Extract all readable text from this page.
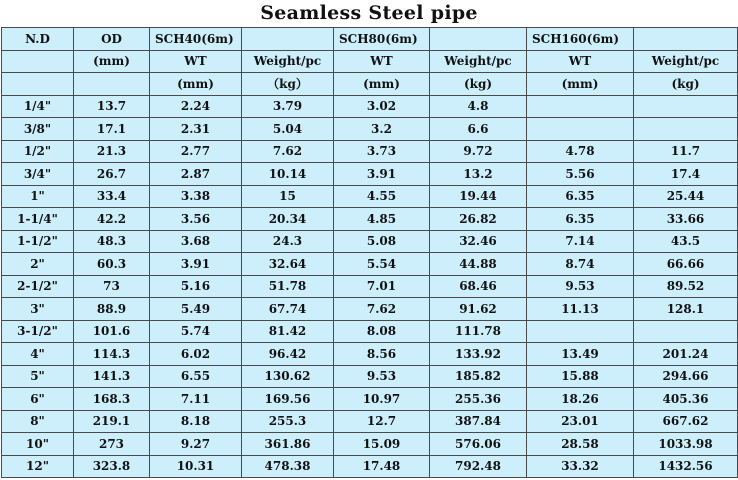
Seamless Steel pipe
N.D	OD	SCH40(6m)		SCH80(6m)		SCH160(6m)	
	(mm)	WT	Weight/pc	WT	Weight/pc	WT	Weight/pc
		(mm)	（kg）	(mm)	(kg)	(mm)	(kg)
1/4"	13.7	2.24	3.79	3.02	4.8		
3/8"	17.1	2.31	5.04	3.2	6.6		
1/2"	21.3	2.77	7.62	3.73	9.72	4.78	11.7
3/4"	26.7	2.87	10.14	3.91	13.2	5.56	17.4
1"	33.4	3.38	15	4.55	19.44	6.35	25.44
1-1/4"	42.2	3.56	20.34	4.85	26.82	6.35	33.66
1-1/2"	48.3	3.68	24.3	5.08	32.46	7.14	43.5
2"	60.3	3.91	32.64	5.54	44.88	8.74	66.66
2-1/2"	73	5.16	51.78	7.01	68.46	9.53	89.52
3"	88.9	5.49	67.74	7.62	91.62	11.13	128.1
3-1/2"	101.6	5.74	81.42	8.08	111.78		
4"	114.3	6.02	96.42	8.56	133.92	13.49	201.24
5"	141.3	6.55	130.62	9.53	185.82	15.88	294.66
6"	168.3	7.11	169.56	10.97	255.36	18.26	405.36
8"	219.1	8.18	255.3	12.7	387.84	23.01	667.62
10"	273	9.27	361.86	15.09	576.06	28.58	1033.98
12"	323.8	10.31	478.38	17.48	792.48	33.32	1432.56
